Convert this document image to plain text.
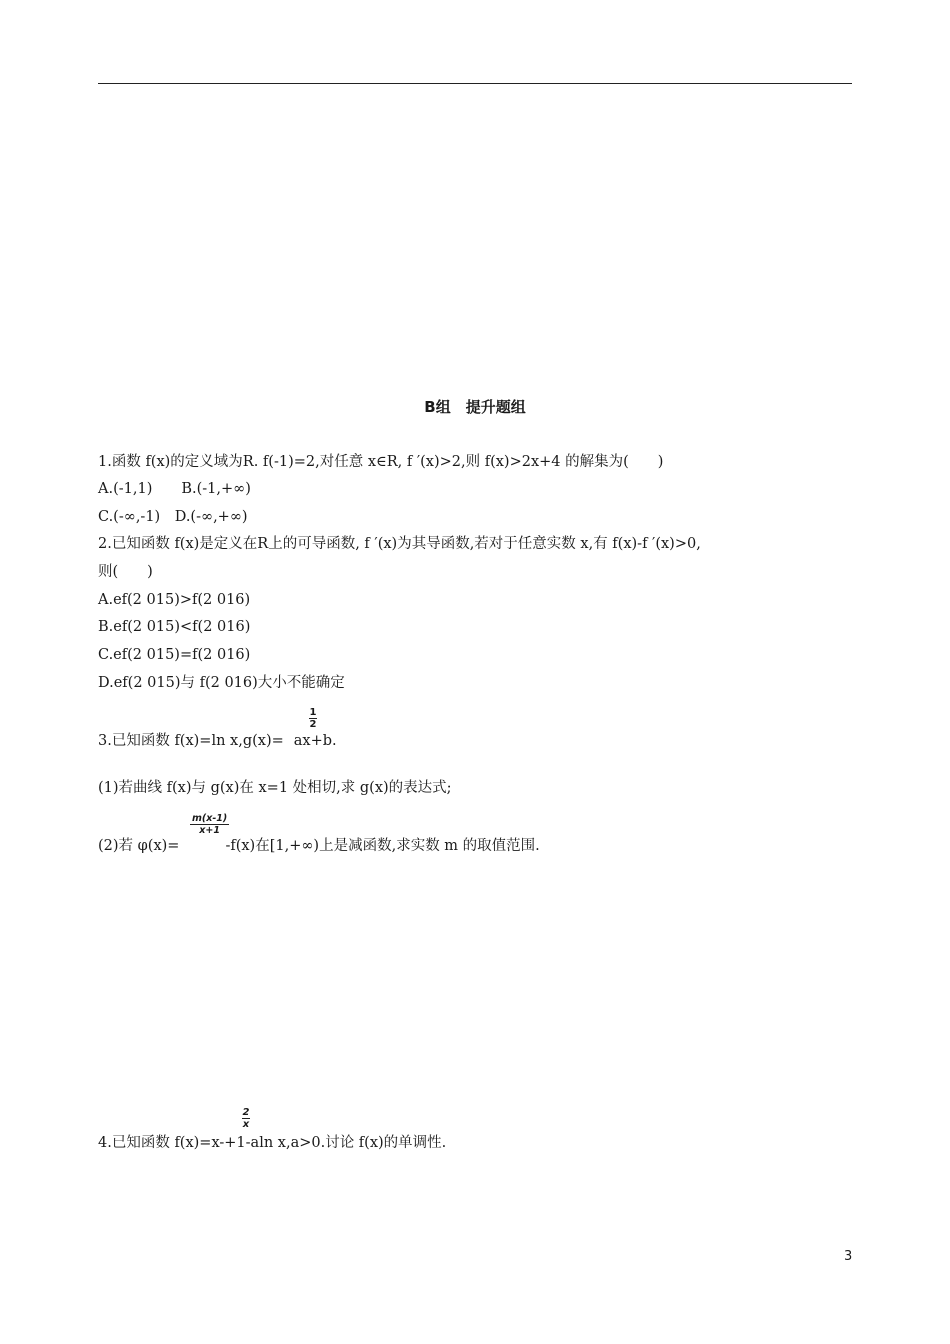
B组　提升题组
1.函数 f(x)的定义域为R. f(-1)=2,对任意 x∈R, f ′(x)>2,则 f(x)>2x+4 的解集为(　　)
A.(-1,1)　　B.(-1,+∞)
C.(-∞,-1)　D.(-∞,+∞)
2.已知函数 f(x)是定义在R上的可导函数, f ′(x)为其导函数,若对于任意实数 x,有 f(x)-f ′(x)>0,
则(　　)
A.ef(2 015)>f(2 016)
B.ef(2 015)<f(2 016)
C.ef(2 015)=f(2 016)
D.ef(2 015)与 f(2 016)大小不能确定
3.已知函数 f(x)=ln x,g(x)= ax+b.
1
2
(1)若曲线 f(x)与 g(x)在 x=1 处相切,求 g(x)的表达式;
(2)若 φ(x)=	-f(x)在[1,+∞)上是减函数,求实数 m 的取值范围.
$\frac{m(x-1)}{x+1}$
4.已知函数 f(x)=x-+1-aln x,a>0.讨论 f(x)的单调性.
2
x
3
